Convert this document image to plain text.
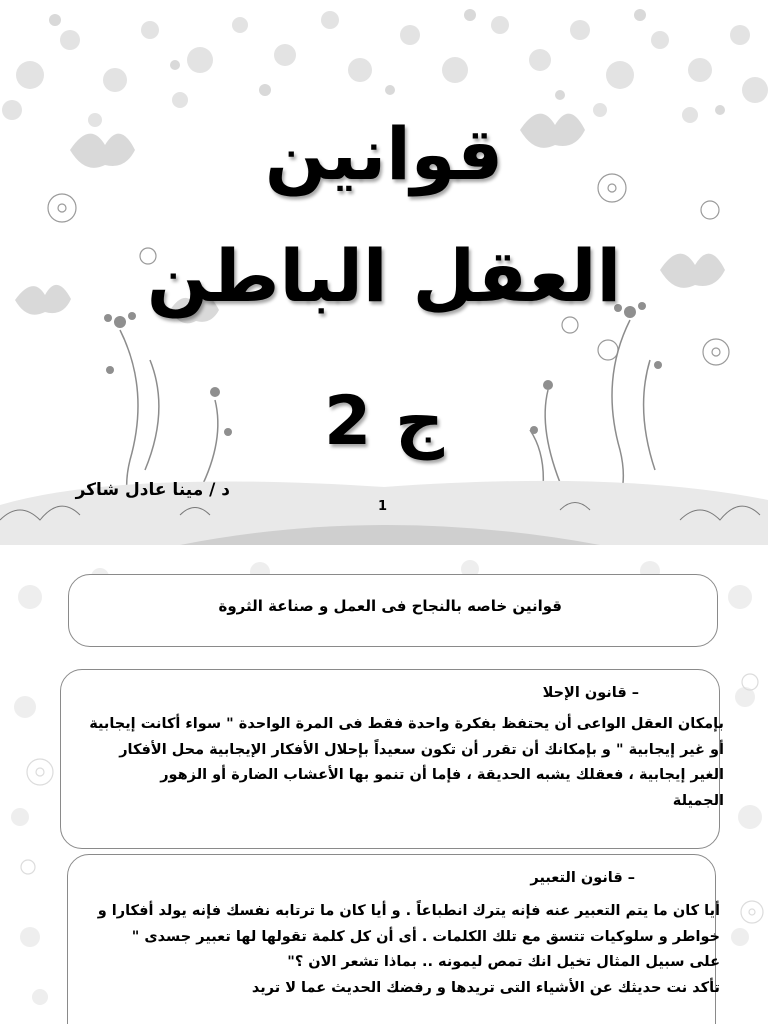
قوانين
العقل الباطن
ج 2
د / مينا عادل شاكر
1

قوانين خاصه بالنجاح فى العمل و صناعة الثروة

– قانون الإحلا
بإمكان العقل الواعى أن يحتفظ بفكرة واحدة فقط فى المرة الواحدة " سواء أكانت إيجابية
أو غير إيجابية " و بإمكانك أن تقرر أن تكون سعيداً بإحلال الأفكار الإيجابية محل الأفكار
الغير إيجابية ، فعقلك يشبه الحديقة ، فإما أن تنمو بها الأعشاب الضارة أو الزهور
الجميلة
– قانون التعبير
أيا كان ما يتم التعبير عنه فإنه يترك انطباعاً . و أيا كان ما ترتابه نفسك فإنه يولد أفكارا و
خواطر و سلوكيات تتسق مع تلك الكلمات . أى أن كل كلمة تقولها لها تعبير جسدى "
على سبيل المثال تخيل انك تمص ليمونه .. بماذا تشعر الان ؟"
تأكد نت حديثك عن الأشياء التى تريدها و رفضك الحديث عما لا تريد
